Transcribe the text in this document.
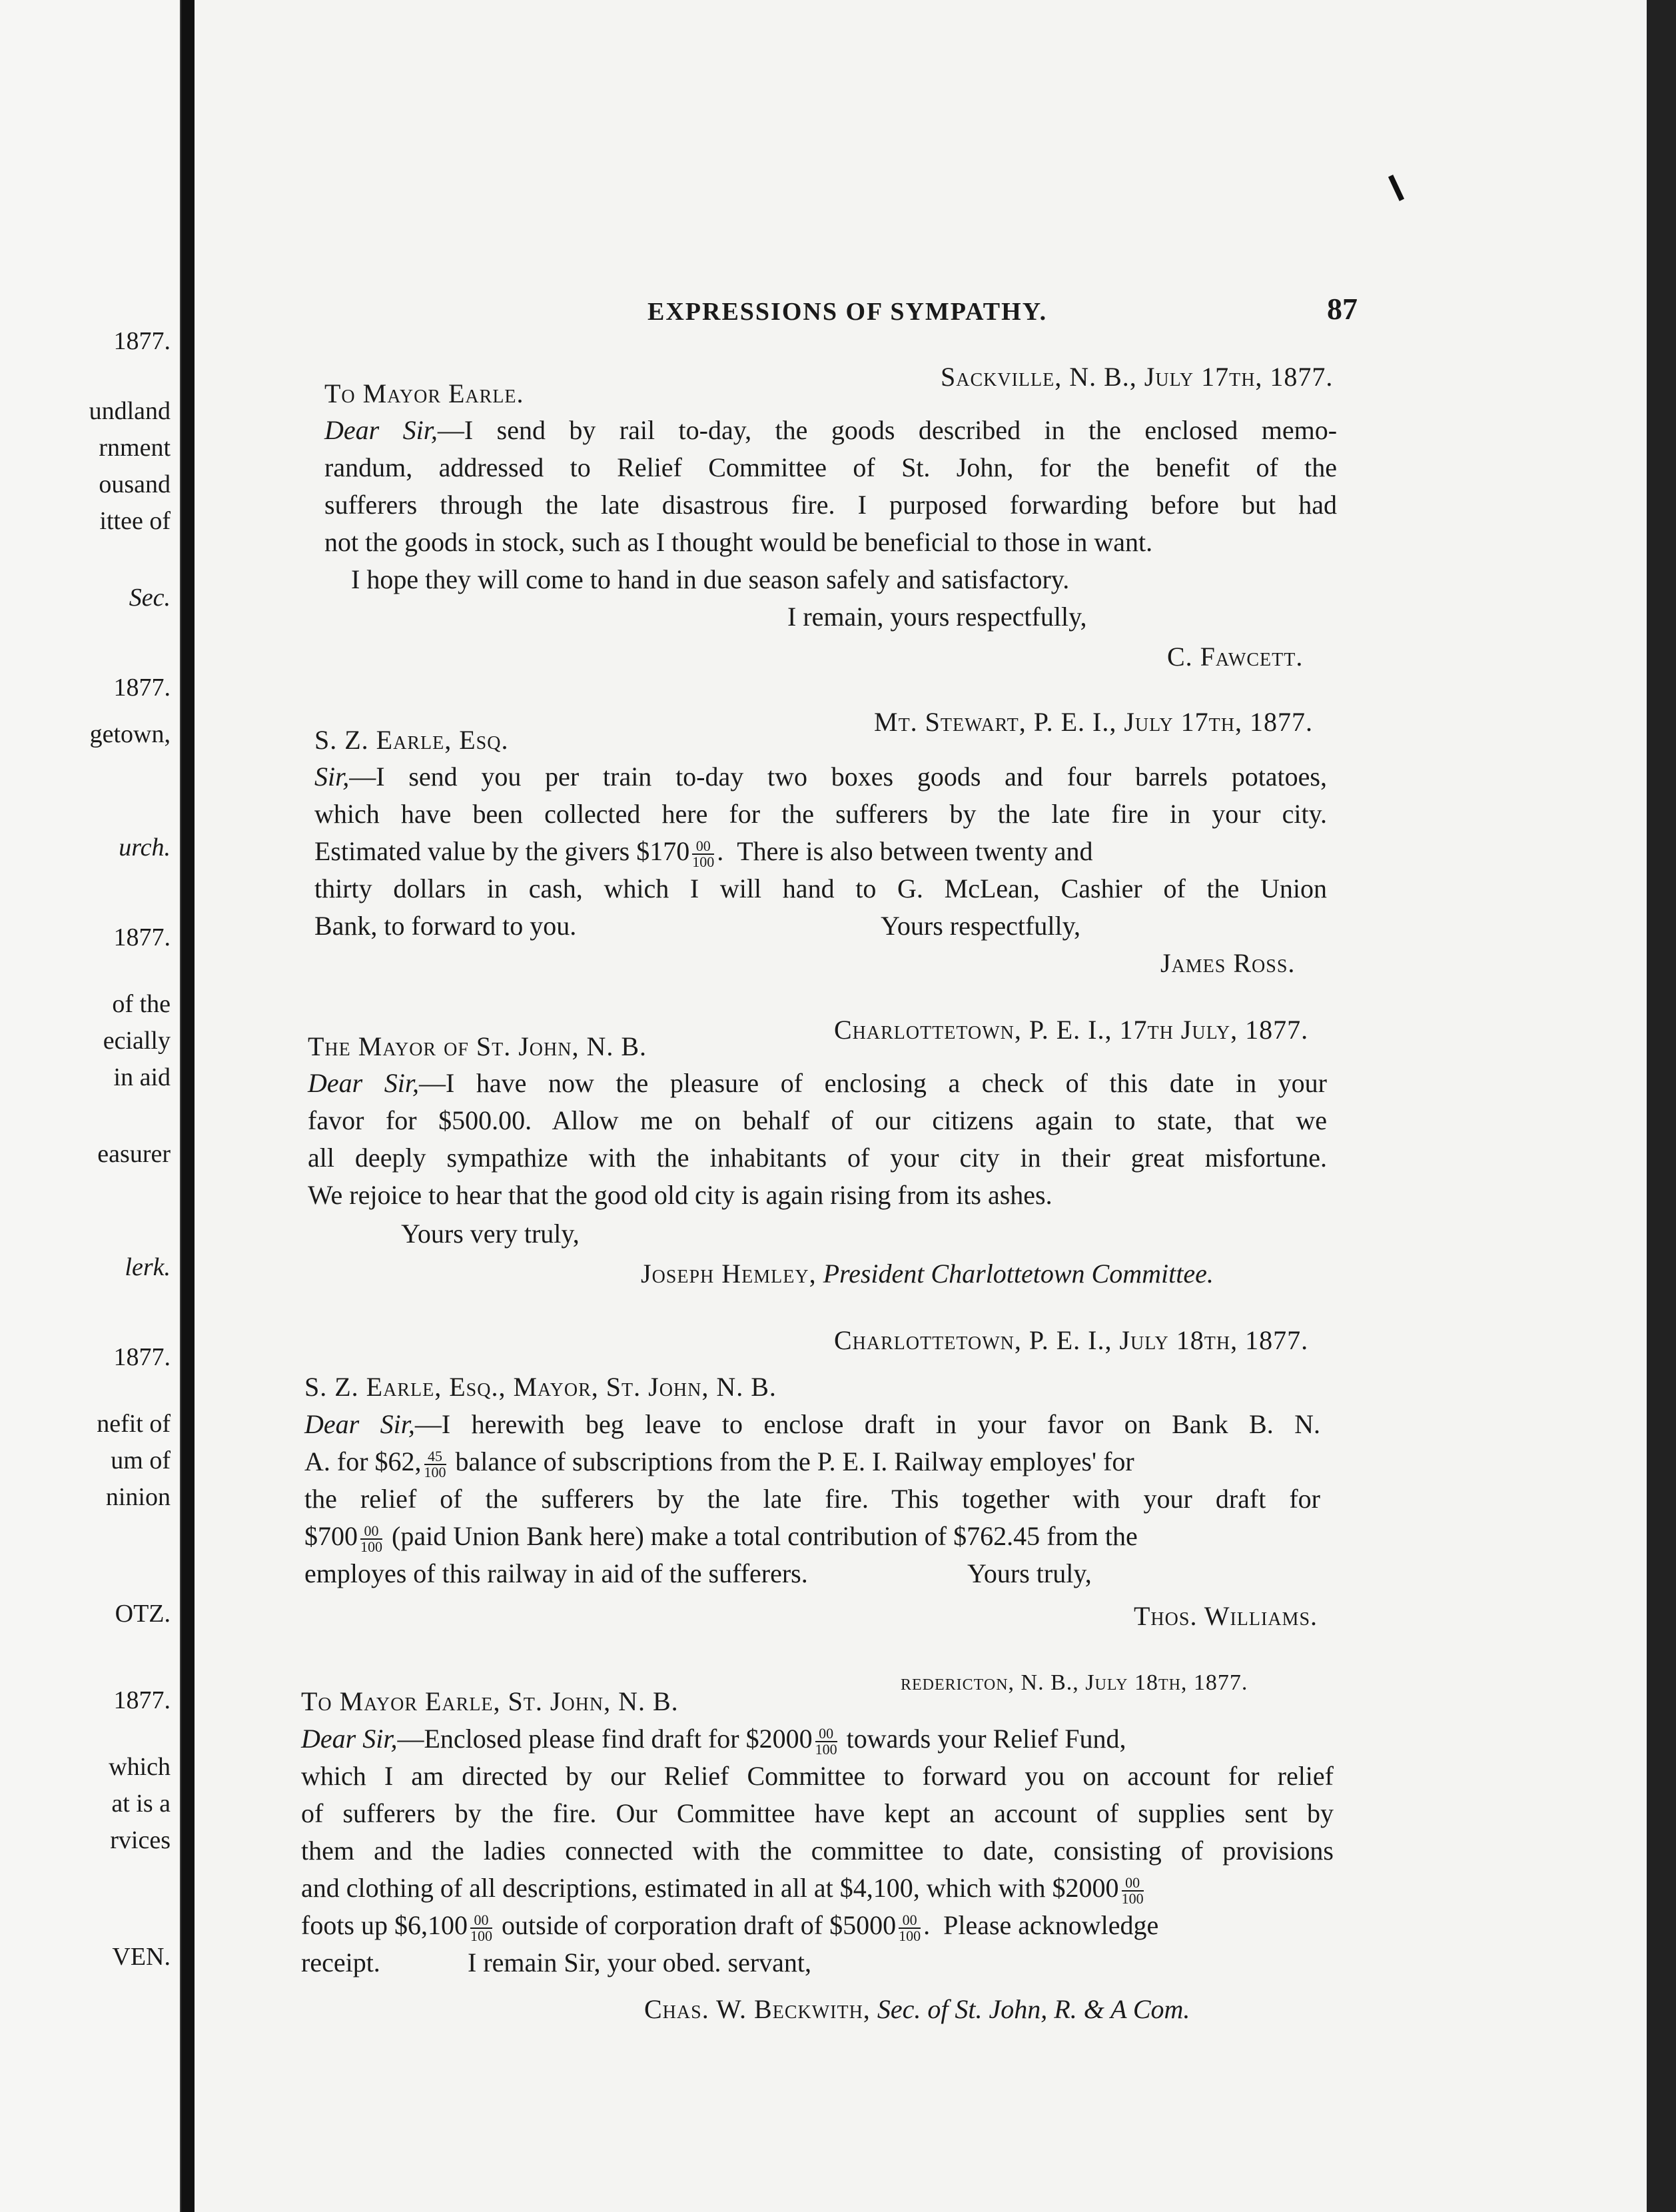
1877.
undland
rnment
ousand
ittee of
Sec.
1877.
getown,
urch.
1877.
of the
ecially
in aid
easurer
lerk.
1877.
nefit of
um of
ninion
OTZ.
1877.
which
at is a
rvices
VEN.
EXPRESSIONS OF SYMPATHY.	87
Sackville, N. B., July 17th, 1877.
To Mayor Earle.
Dear Sir,—I send by rail to-day, the goods described in the enclosed memo-
randum, addressed to Relief Committee of St. John, for the benefit of the
sufferers through the late disastrous fire. I purposed forwarding before but had
not the goods in stock, such as I thought would be beneficial to those in want.
I hope they will come to hand in due season safely and satisfactory.
I remain, yours respectfully,
C. Fawcett.
Mt. Stewart, P. E. I., July 17th, 1877.
S. Z. Earle, Esq.
Sir,—I send you per train to-day two boxes goods and four barrels potatoes,
which have been collected here for the sufferers by the late fire in your city.
Estimated value by the givers $170 $\frac{00}{100}$ .  There is also between twenty and
thirty dollars in cash, which I will hand to G. McLean, Cashier of the Union
Bank, to forward to you.	Yours respectfully,
James Ross.
Charlottetown, P. E. I., 17th July, 1877.
The Mayor of St. John, N. B.
Dear Sir,—I have now the pleasure of enclosing a check of this date in your
favor for $500.00. Allow me on behalf of our citizens again to state, that we
all deeply sympathize with the inhabitants of your city in their great misfortune.
We rejoice to hear that the good old city is again rising from its ashes.
Yours very truly,
Joseph Hemley, President Charlottetown Committee.
Charlottetown, P. E. I., July 18th, 1877.
S. Z. Earle, Esq., Mayor, St. John, N. B.
Dear Sir,—I herewith beg leave to enclose draft in your favor on Bank B. N.
A. for $62, $\frac{45}{100}$ balance of subscriptions from the P. E. I. Railway employes' for
the relief of the sufferers by the late fire. This together with your draft for
$700 $\frac{00}{100}$ (paid Union Bank here) make a total contribution of $762.45 from the
employes of this railway in aid of the sufferers.	Yours truly,
Thos. Williams.
redericton, N. B., July 18th, 1877.
To Mayor Earle, St. John, N. B.
Dear Sir,—Enclosed please find draft for $2000 $\frac{00}{100}$ towards your Relief Fund,
which I am directed by our Relief Committee to forward you on account for relief
of sufferers by the fire. Our Committee have kept an account of supplies sent by
them and the ladies connected with the committee to date, consisting of provisions
and clothing of all descriptions, estimated in all at $4,100, which with $2000 $\frac{00}{100}$
foots up $6,100 $\frac{00}{100}$ outside of corporation draft of $5000 $\frac{00}{100}$ .  Please acknowledge
receipt.	I remain Sir, your obed. servant,
Chas. W. Beckwith, Sec. of St. John, R. & A Com.
